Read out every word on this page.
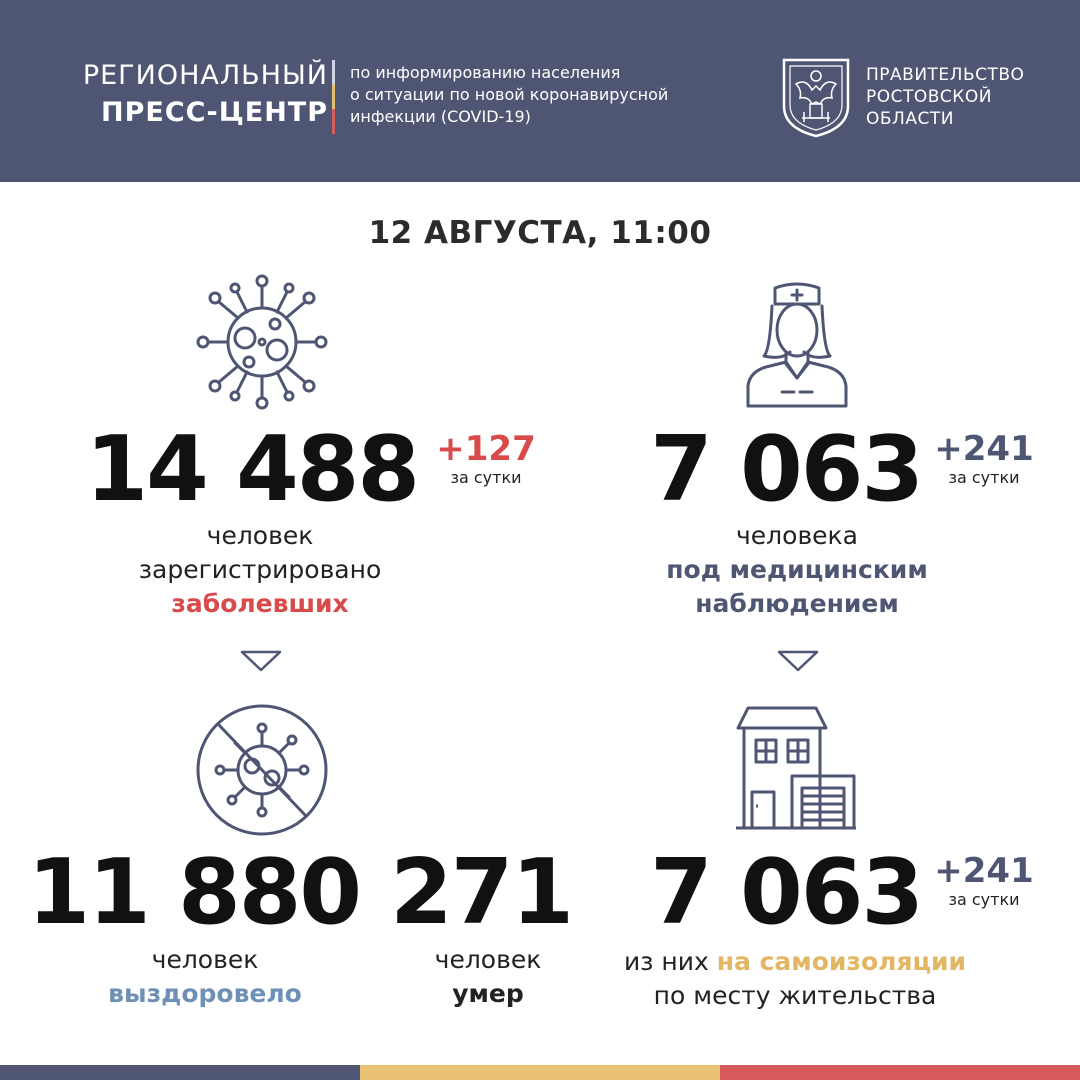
РЕГИОНАЛЬНЫЙ
ПРЕСС-ЦЕНТР
по информированию населения
о ситуации по новой коронавирусной
инфекции (COVID-19)
ПРАВИТЕЛЬСТВО
РОСТОВСКОЙ
ОБЛАСТИ
12 АВГУСТА, 11:00
14 488 +127
за сутки
человек
зарегистрировано
заболевших
7 063 +241
за сутки
человека
под медицинским
наблюдением
11 880
человек
выздоровело
271
человек
умер
7 063 +241
за сутки
из них на самоизоляции
по месту жительства
